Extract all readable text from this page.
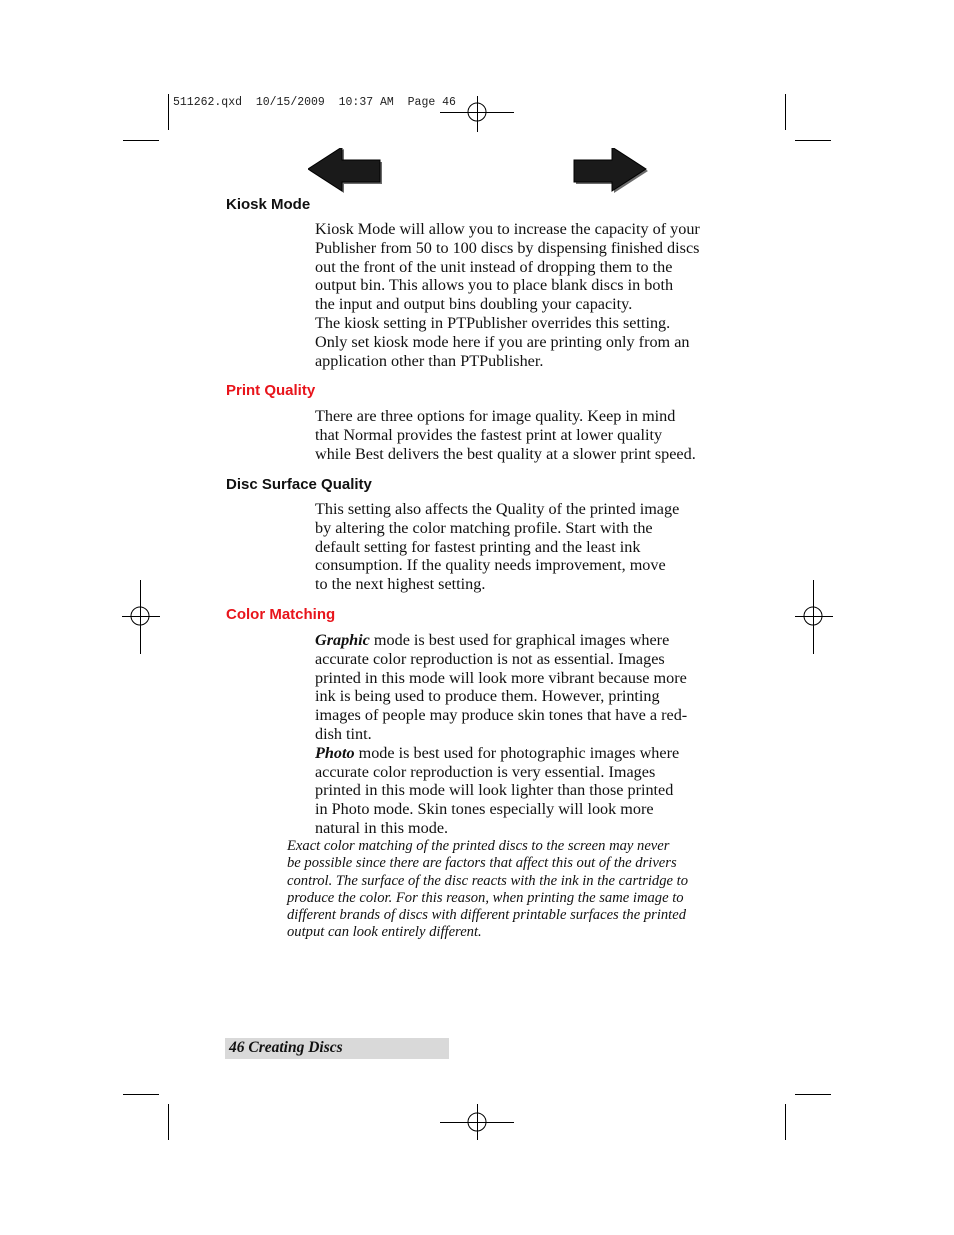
511262.qxd  10/15/2009  10:37 AM  Page 46
Kiosk Mode

Kiosk Mode will allow you to increase the capacity of your

Publisher from 50 to 100 discs by dispensing finished discs

out the front of the unit instead of dropping them to the

output bin. This allows you to place blank discs in both

the input and output bins doubling your capacity.

The kiosk setting in PTPublisher overrides this setting.

Only set kiosk mode here if you are printing only from an

application other than PTPublisher.

Print Quality

There are three options for image quality. Keep in mind

that Normal provides the fastest print at lower quality

while Best delivers the best quality at a slower print speed.

Disc Surface Quality

This setting also affects the Quality of the printed image

by altering the color matching profile. Start with the

default setting for fastest printing and the least ink

consumption. If the quality needs improvement, move

to the next highest setting.

Color Matching

Graphic mode is best used for graphical images where

accurate color reproduction is not as essential. Images

printed in this mode will look more vibrant because more

ink is being used to produce them. However, printing

images of people may produce skin tones that have a red-

dish tint.

Photo mode is best used for photographic images where

accurate color reproduction is very essential. Images

printed in this mode will look lighter than those printed

in Photo mode. Skin tones especially will look more

natural in this mode.

Exact color matching of the printed discs to the screen may never
be possible since there are factors that affect this out of the drivers
control. The surface of the disc reacts with the ink in the cartridge to
produce the color. For this reason, when printing the same image to
different brands of discs with different printable surfaces the printed
output can look entirely different.
46 Creating Discs
